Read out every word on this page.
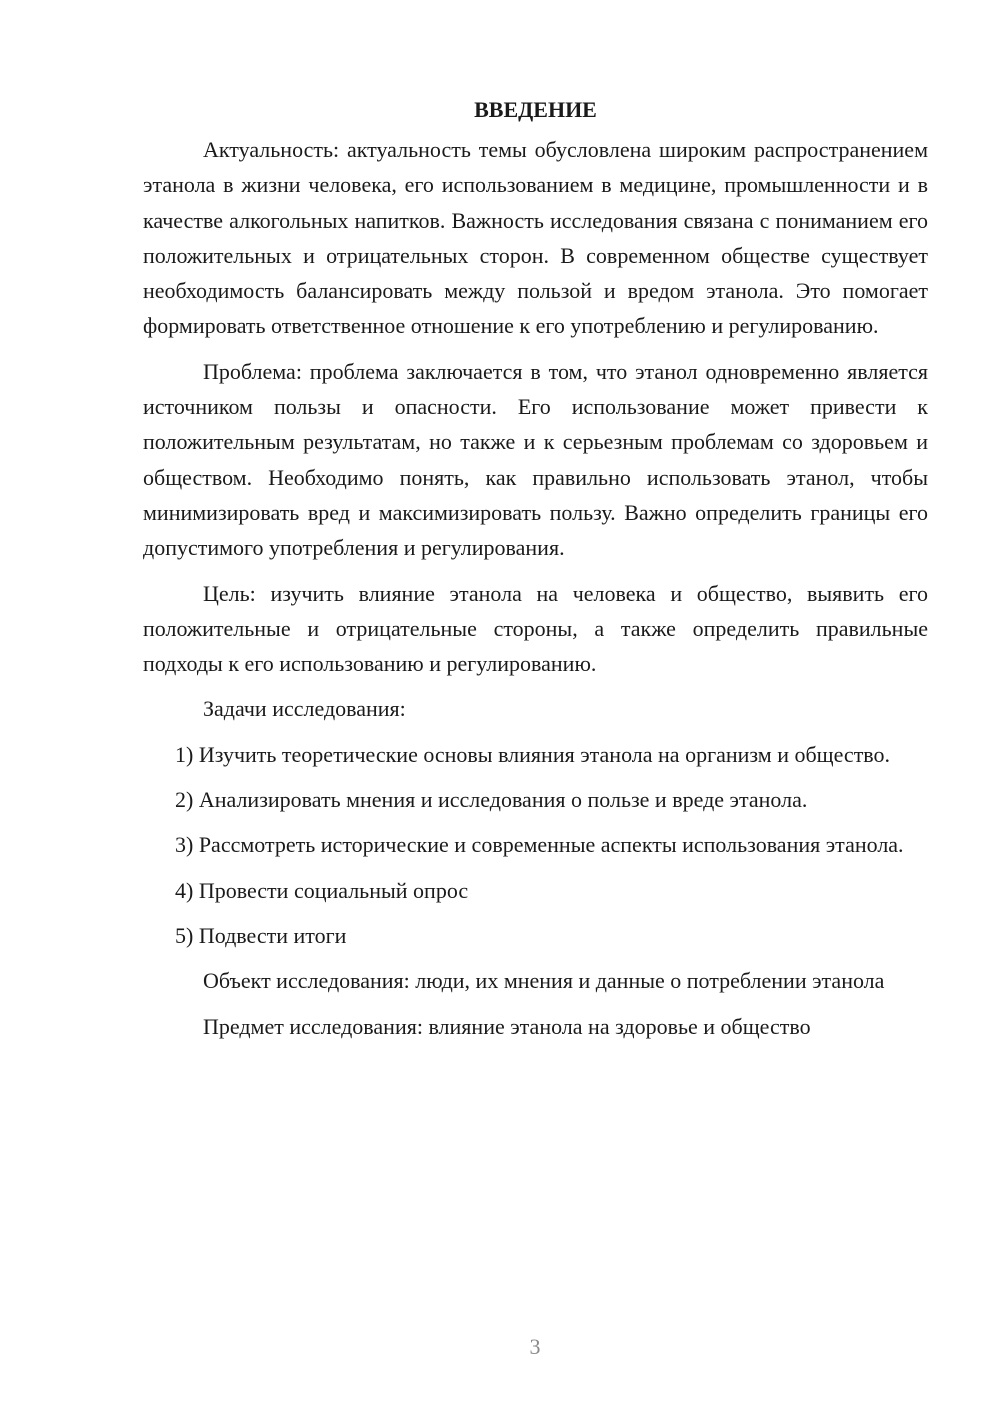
ВВЕДЕНИЕ

Актуальность: актуальность темы обусловлена широким распространением этанола в жизни человека, его использованием в медицине, промышленности и в качестве алкогольных напитков. Важность исследования связана с пониманием его положительных и отрицательных сторон. В современном обществе существует необходимость балансировать между пользой и вредом этанола. Это помогает формировать ответственное отношение к его употреблению и регулированию.

Проблема: проблема заключается в том, что этанол одновременно является источником пользы и опасности. Его использование может привести к положительным результатам, но также и к серьезным проблемам со здоровьем и обществом. Необходимо понять, как правильно использовать этанол, чтобы минимизировать вред и максимизировать пользу. Важно определить границы его допустимого употребления и регулирования.

Цель: изучить влияние этанола на человека и общество, выявить его положительные и отрицательные стороны, а также определить правильные подходы к его использованию и регулированию.

Задачи исследования:

1) Изучить теоретические основы влияния этанола на организм и общество.

2) Анализировать мнения и исследования о пользе и вреде этанола.

3) Рассмотреть исторические и современные аспекты использования этанола.

4) Провести социальный опрос

5) Подвести итоги

Объект исследования: люди, их мнения и данные о потреблении этанола

Предмет исследования: влияние этанола на здоровье и общество

3
